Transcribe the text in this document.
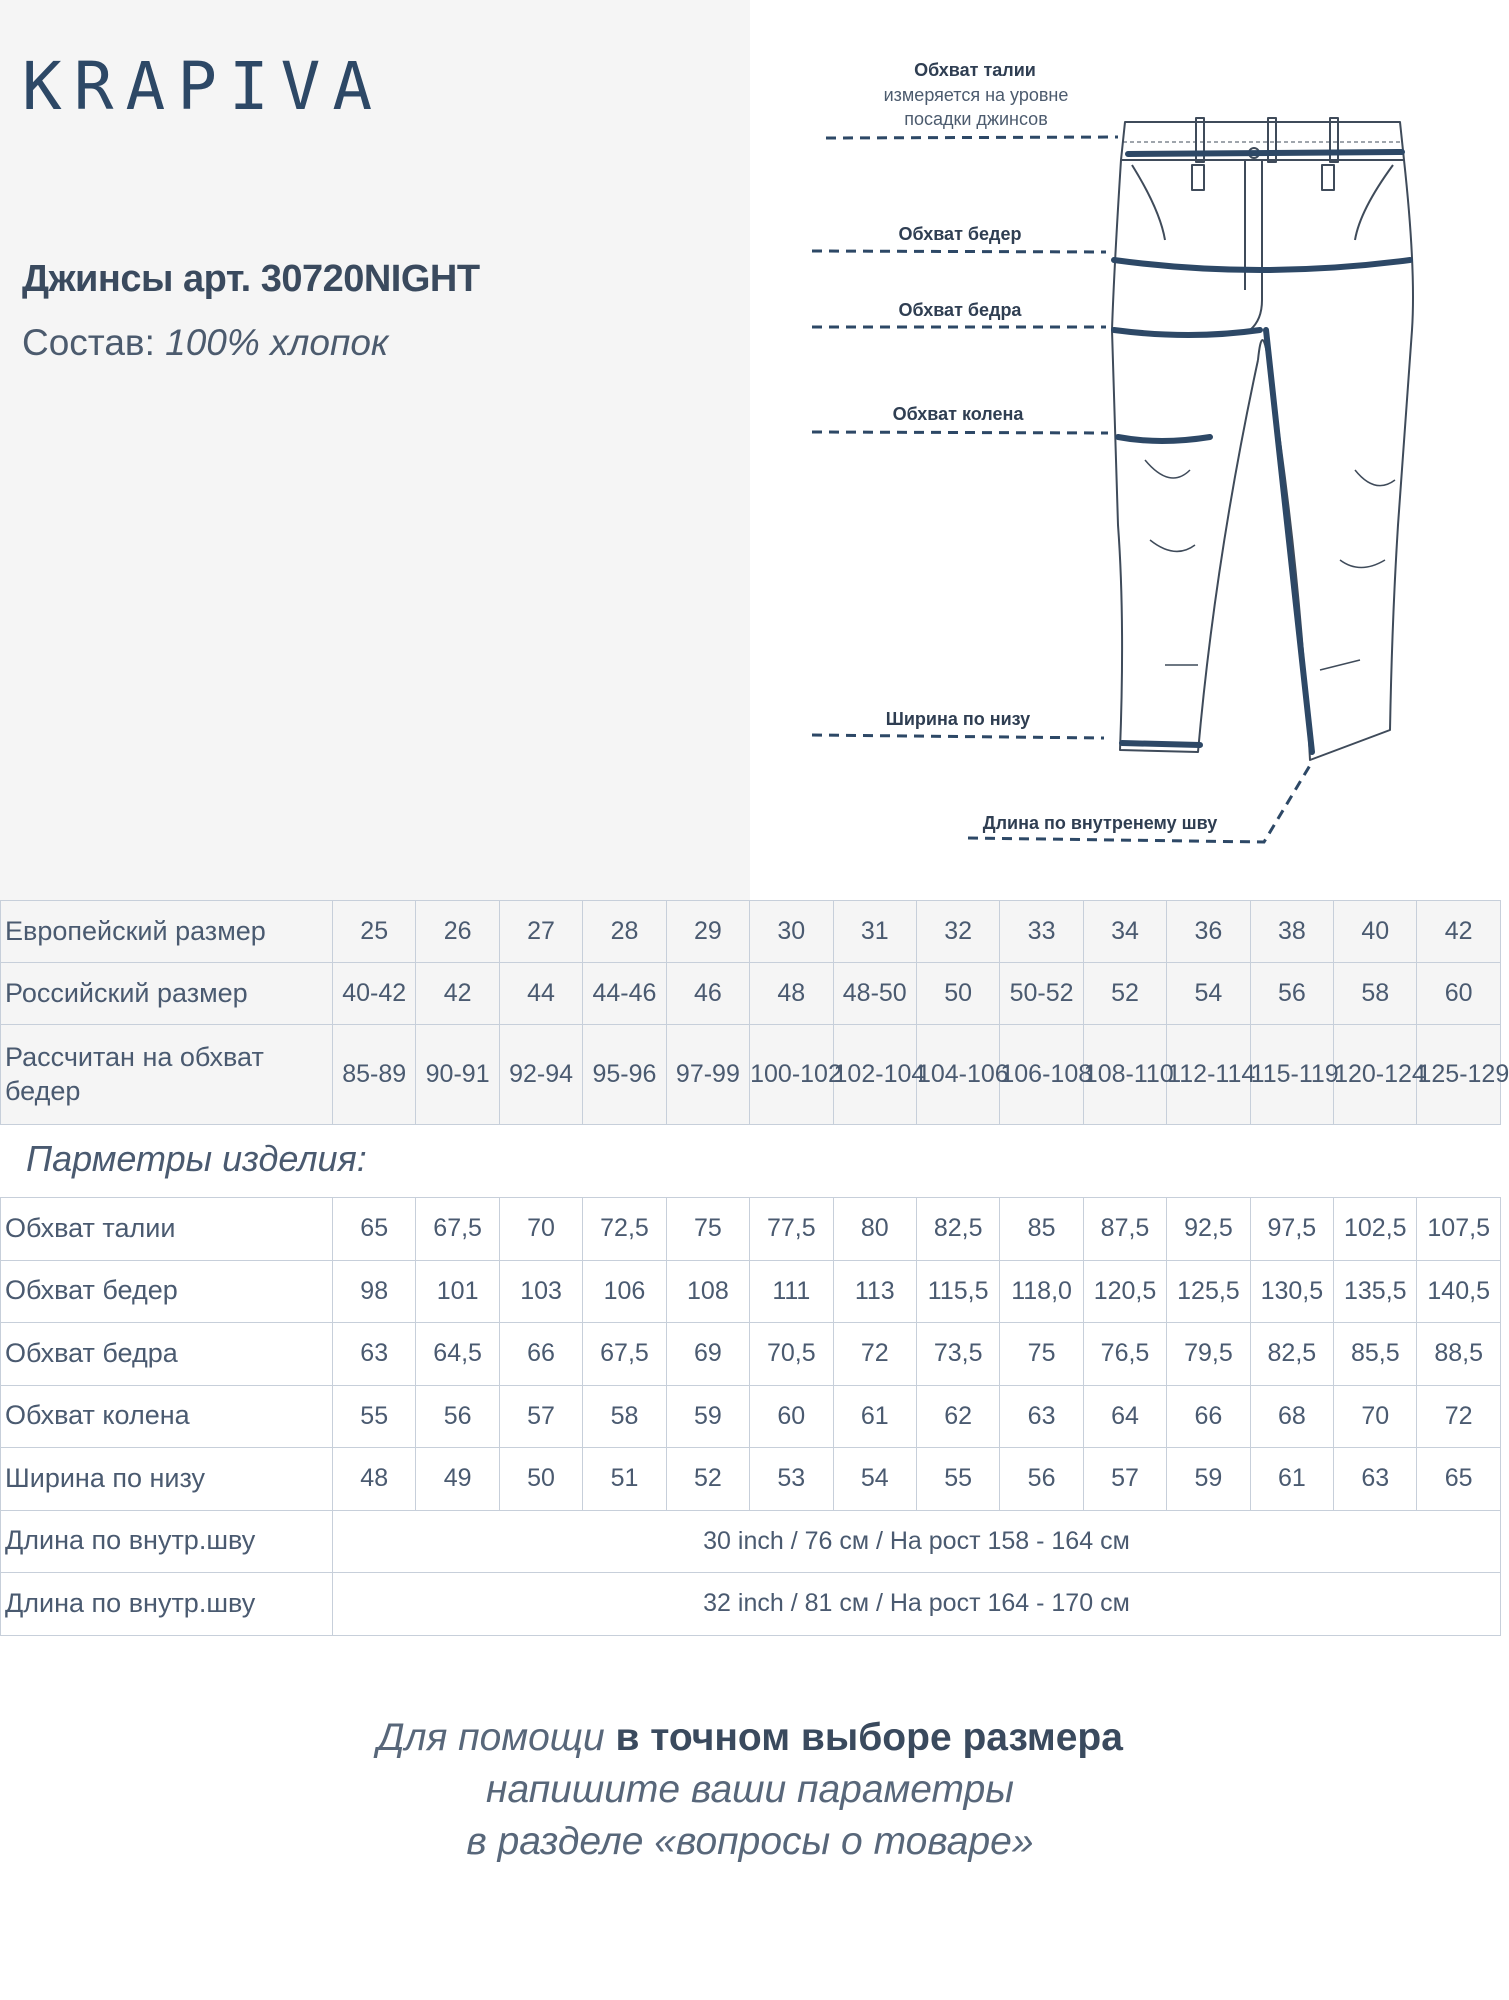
KRAPIVA
Джинсы арт. 30720NIGHT
Состав: 100% хлопок
Обхват талии
измеряется на уровне
посадки джинсов
Обхват бедер
Обхват бедра
Обхват колена
Ширина по низу
Длина по внутренему шву
Европейский размер	25	26	27	28	29	30	31	32	33	34	36	38	40	42
Российский размер	40-42	42	44	44-46	46	48	48-50	50	50-52	52	54	56	58	60
Рассчитан на обхват бедер	85-89	90-91	92-94	95-96	97-99	100-102	102-104	104-106	106-108	108-110	112-114	115-119	120-124	125-129
Парметры изделия:
Обхват талии	65	67,5	70	72,5	75	77,5	80	82,5	85	87,5	92,5	97,5	102,5	107,5
Обхват бедер	98	101	103	106	108	111	113	115,5	118,0	120,5	125,5	130,5	135,5	140,5
Обхват бедра	63	64,5	66	67,5	69	70,5	72	73,5	75	76,5	79,5	82,5	85,5	88,5
Обхват колена	55	56	57	58	59	60	61	62	63	64	66	68	70	72
Ширина по низу	48	49	50	51	52	53	54	55	56	57	59	61	63	65
Длина по внутр.шву	30 inch / 76 см / На рост 158 - 164 см													
Длина по внутр.шву	32 inch / 81 см / На рост 164 - 170 см													
Для помощи в точном выборе размера
напишите ваши параметры
в разделе «вопросы о товаре»
